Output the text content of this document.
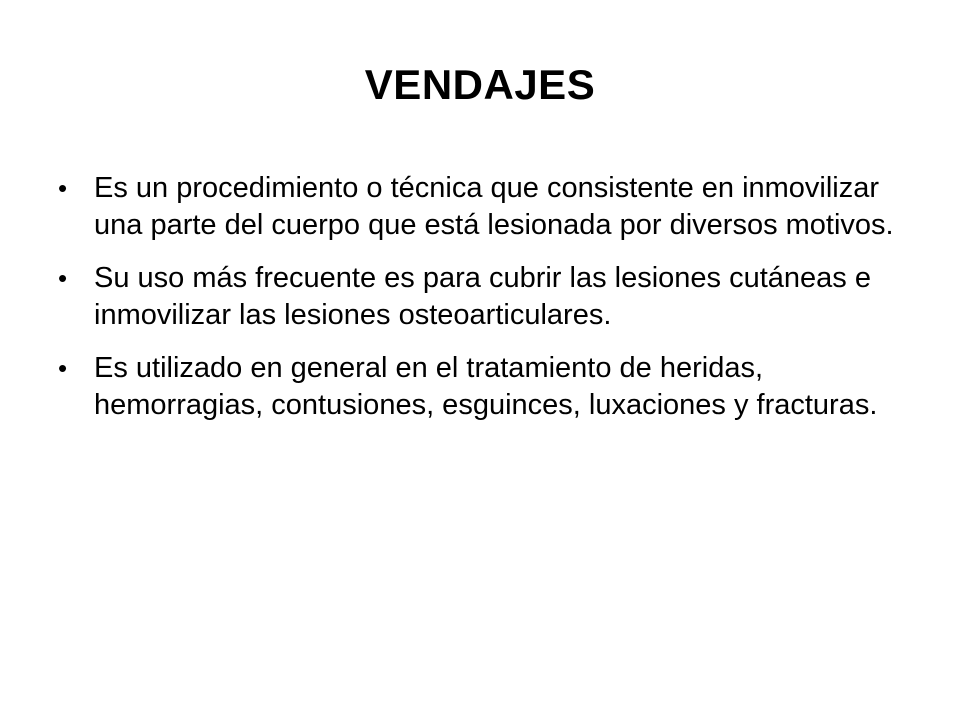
VENDAJES
• Es un procedimiento o técnica que consistente en inmovilizar una parte del cuerpo que está lesionada por diversos motivos.
• Su uso más frecuente es para cubrir las lesiones cutáneas e inmovilizar las lesiones osteoarticulares.
• Es utilizado en general en el tratamiento de heridas, hemorragias, contusiones, esguinces, luxaciones y fracturas.
